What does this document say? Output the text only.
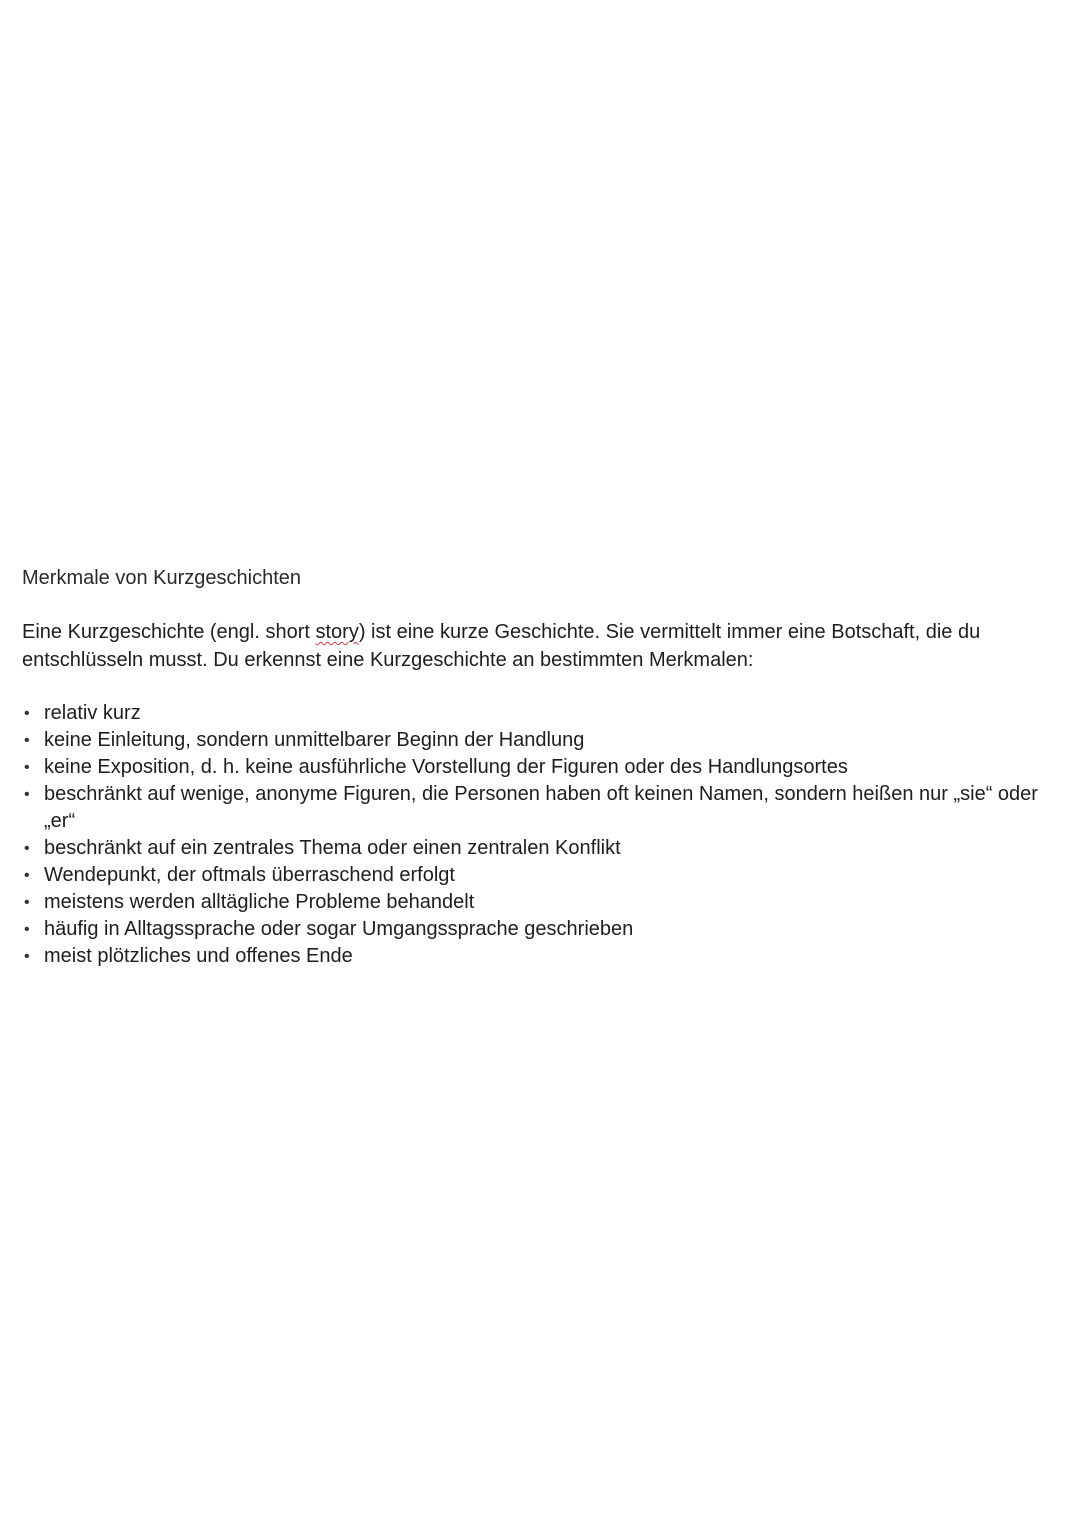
Merkmale von Kurzgeschichten

Eine Kurzgeschichte (engl. short story) ist eine kurze Geschichte. Sie vermittelt immer eine Botschaft, die du entschlüsseln musst. Du erkennst eine Kurzgeschichte an bestimmten Merkmalen:

• relativ kurz
• keine Einleitung, sondern unmittelbarer Beginn der Handlung
• keine Exposition, d. h. keine ausführliche Vorstellung der Figuren oder des Handlungsortes
• beschränkt auf wenige, anonyme Figuren, die Personen haben oft keinen Namen, sondern heißen nur „sie“ oder „er“
• beschränkt auf ein zentrales Thema oder einen zentralen Konflikt
• Wendepunkt, der oftmals überraschend erfolgt
• meistens werden alltägliche Probleme behandelt
• häufig in Alltagssprache oder sogar Umgangssprache geschrieben
• meist plötzliches und offenes Ende
